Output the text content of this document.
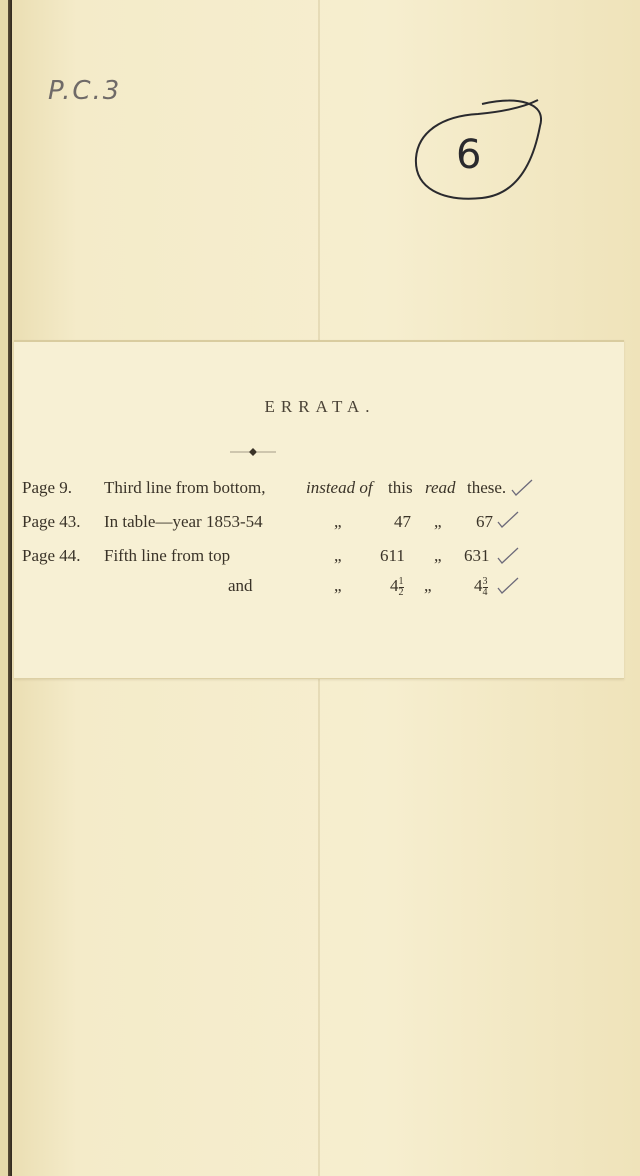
P.C.3
6
ERRATA.
Page 9.	Third line from bottom, instead of this read these.
Page 43.	In table—year 1853-54	„	47 „ 67
Page 44.	Fifth line from top	„ 611 „ 631
and	„	$4 \frac{1}{2}$ „ $4 \frac{3}{4}$
